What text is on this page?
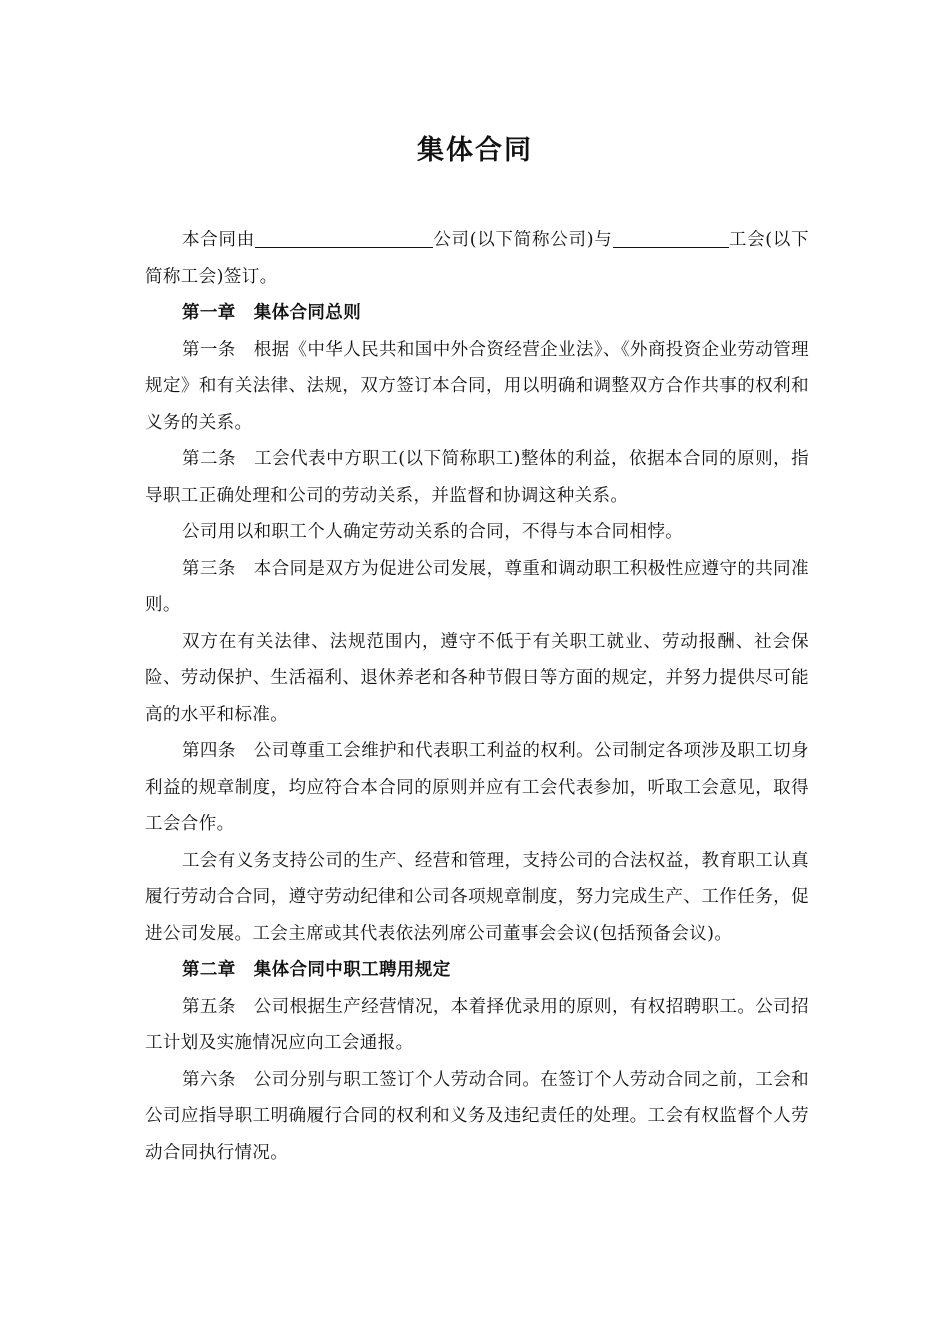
集体合同

本合同由	公司(以下简称公司)与	工会(以下简称工会)签订。

第一章 集体合同总则

第一条 根据《中华人民共和国中外合资经营企业法》、《外商投资企业劳动管理规定》和有关法律、法规，双方签订本合同，用以明确和调整双方合作共事的权利和义务的关系。

第二条 工会代表中方职工(以下简称职工)整体的利益，依据本合同的原则，指导职工正确处理和公司的劳动关系，并监督和协调这种关系。

公司用以和职工个人确定劳动关系的合同，不得与本合同相悖。

第三条 本合同是双方为促进公司发展，尊重和调动职工积极性应遵守的共同准则。

双方在有关法律、法规范围内，遵守不低于有关职工就业、劳动报酬、社会保险、劳动保护、生活福利、退休养老和各种节假日等方面的规定，并努力提供尽可能高的水平和标准。

第四条 公司尊重工会维护和代表职工利益的权利。公司制定各项涉及职工切身利益的规章制度，均应符合本合同的原则并应有工会代表参加，听取工会意见，取得工会合作。

工会有义务支持公司的生产、经营和管理，支持公司的合法权益，教育职工认真履行劳动合合同，遵守劳动纪律和公司各项规章制度，努力完成生产、工作任务，促进公司发展。工会主席或其代表依法列席公司董事会会议(包括预备会议)。

第二章 集体合同中职工聘用规定

第五条 公司根据生产经营情况，本着择优录用的原则，有权招聘职工。公司招工计划及实施情况应向工会通报。

第六条 公司分别与职工签订个人劳动合同。在签订个人劳动合同之前，工会和公司应指导职工明确履行合同的权利和义务及违纪责任的处理。工会有权监督个人劳动合同执行情况。
